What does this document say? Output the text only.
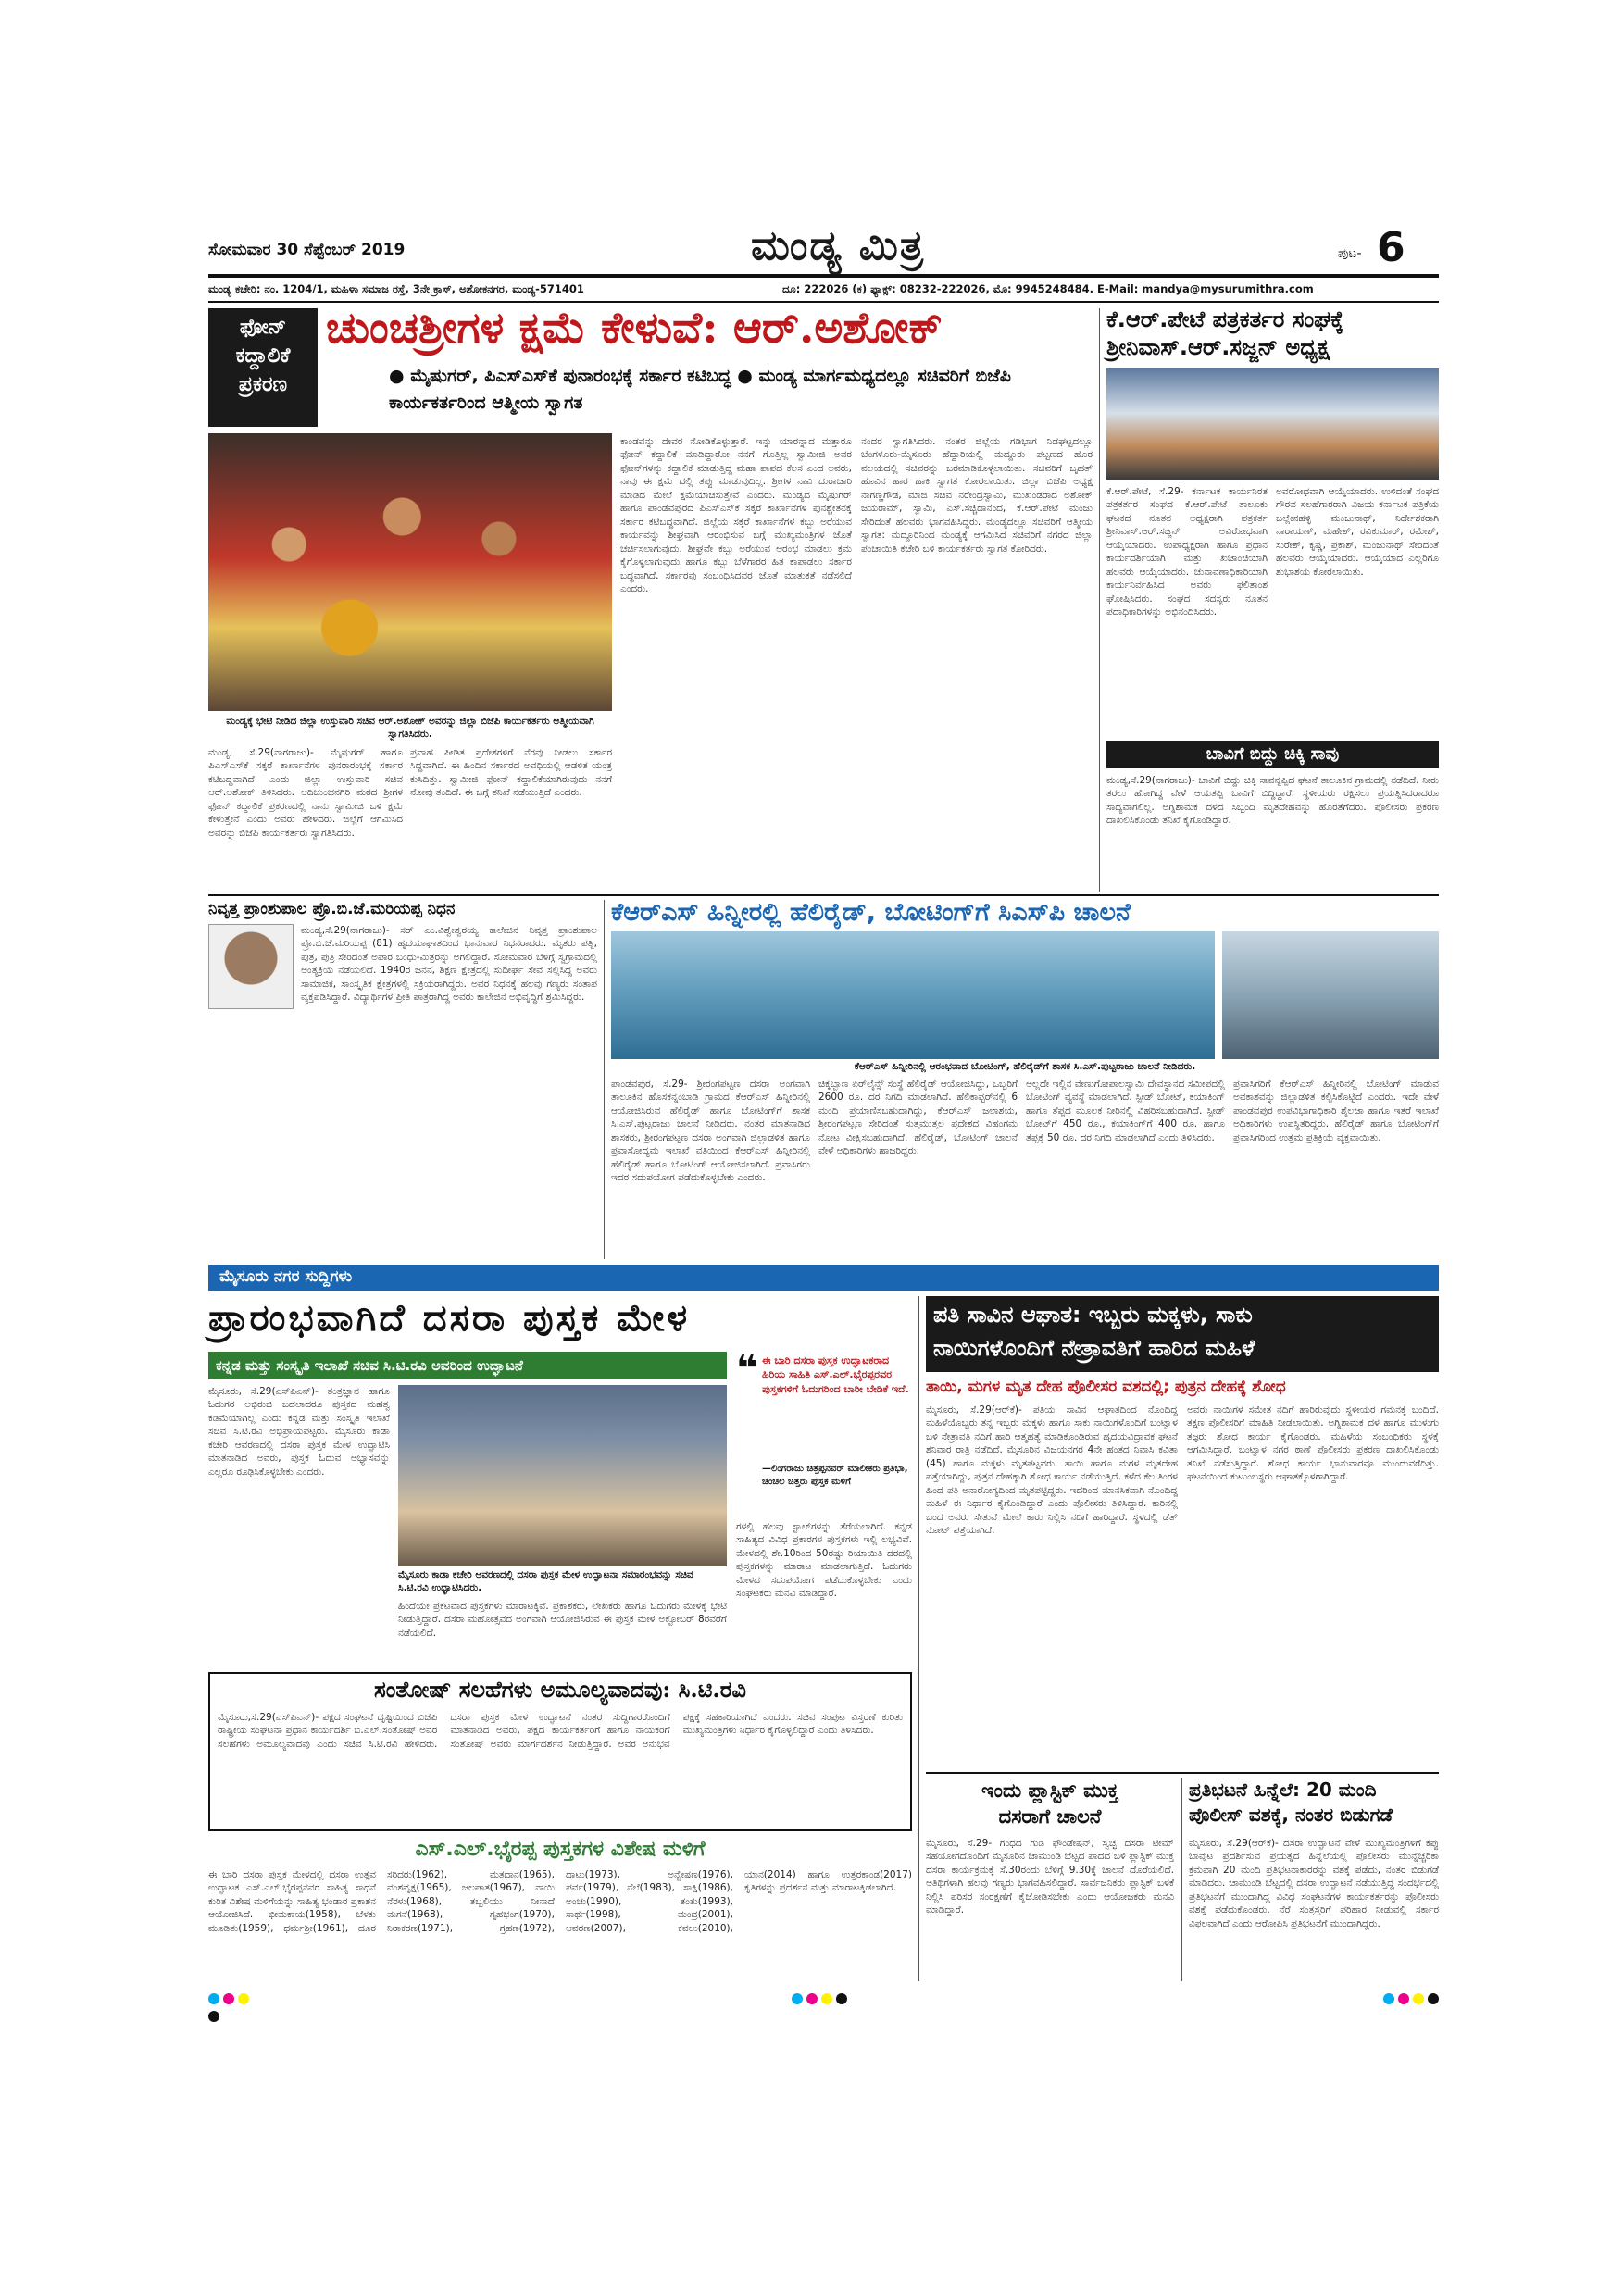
ಸೋಮವಾರ 30 ಸೆಪ್ಟೆಂಬರ್ 2019	ಮಂಡ್ಯ ಮಿತ್ರ	ಪುಟ- 6
ಮಂಡ್ಯ ಕಚೇರಿ: ನಂ. 1204/1, ಮಹಿಳಾ ಸಮಾಜ ರಸ್ತೆ, 3ನೇ ಕ್ರಾಸ್, ಅಶೋಕನಗರ, ಮಂಡ್ಯ-571401	ದೂ: 222026 (ಕ) ಫ್ಯಾಕ್ಸ್: 08232-222026, ಮೊ: 9945248484. E-Mail: mandya@mysurumithra.com
ಫೋನ್
ಕದ್ದಾಲಿಕೆ
ಪ್ರಕರಣ
ಚುಂಚಶ್ರೀಗಳ ಕ್ಷಮೆ ಕೇಳುವೆ: ಆರ್.ಅಶೋಕ್
● ಮೈಷುಗರ್, ಪಿಎಸ್‌ಎಸ್‌ಕೆ ಪುನಾರಂಭಕ್ಕೆ ಸರ್ಕಾರ ಕಟಿಬದ್ಧ ● ಮಂಡ್ಯ ಮಾರ್ಗಮಧ್ಯದಲ್ಲೂ ಸಚಿವರಿಗೆ ಬಿಜೆಪಿ ಕಾರ್ಯಕರ್ತರಿಂದ ಆತ್ಮೀಯ ಸ್ವಾಗತ
ಮಂಡ್ಯಕ್ಕೆ ಭೇಟಿ ನೀಡಿದ ಜಿಲ್ಲಾ ಉಸ್ತುವಾರಿ ಸಚಿವ ಆರ್.ಅಶೋಕ್ ಅವರನ್ನು ಜಿಲ್ಲಾ ಬಿಜೆಪಿ ಕಾರ್ಯಕರ್ತರು ಆತ್ಮೀಯವಾಗಿ ಸ್ವಾಗತಿಸಿದರು.
ಮಂಡ್ಯ, ಸೆ.29(ನಾಗರಾಜು)- ಮೈಷುಗರ್ ಹಾಗೂ ಪಿಎಸ್‌ಎಸ್‌ಕೆ ಸಕ್ಕರೆ ಕಾರ್ಖಾನೆಗಳ ಪುನರಾರಂಭಕ್ಕೆ ಸರ್ಕಾರ ಕಟಿಬದ್ಧವಾಗಿದೆ ಎಂದು ಜಿಲ್ಲಾ ಉಸ್ತುವಾರಿ ಸಚಿವ ಆರ್.ಅಶೋಕ್ ತಿಳಿಸಿದರು. ಆದಿಚುಂಚನಗಿರಿ ಮಠದ ಶ್ರೀಗಳ ಫೋನ್ ಕದ್ದಾಲಿಕೆ ಪ್ರಕರಣದಲ್ಲಿ ನಾನು ಸ್ವಾಮೀಜಿ ಬಳಿ ಕ್ಷಮೆ ಕೇಳುತ್ತೇನೆ ಎಂದು ಅವರು ಹೇಳಿದರು. ಜಿಲ್ಲೆಗೆ ಆಗಮಿಸಿದ ಅವರನ್ನು ಬಿಜೆಪಿ ಕಾರ್ಯಕರ್ತರು ಸ್ವಾಗತಿಸಿದರು.
ಪ್ರವಾಹ ಪೀಡಿತ ಪ್ರದೇಶಗಳಿಗೆ ನೆರವು ನೀಡಲು ಸರ್ಕಾರ ಸಿದ್ಧವಾಗಿದೆ. ಈ ಹಿಂದಿನ ಸರ್ಕಾರದ ಅವಧಿಯಲ್ಲಿ ಆಡಳಿತ ಯಂತ್ರ ಕುಸಿದಿತ್ತು. ಸ್ವಾಮೀಜಿ ಫೋನ್ ಕದ್ದಾಲಿಕೆಯಾಗಿರುವುದು ನನಗೆ ನೋವು ತಂದಿದೆ. ಈ ಬಗ್ಗೆ ತನಿಖೆ ನಡೆಯುತ್ತಿದೆ ಎಂದರು.
ಕಾಂಡವನ್ನು ದೇವರ ನೋಡಿಕೊಳ್ಳುತ್ತಾರೆ. ಇನ್ನು ಯಾರನ್ನಾದ ಮತ್ತಾರೂ ಫೋನ್ ಕದ್ದಾಲಿಕೆ ಮಾಡಿದ್ದಾರೋ ನನಗೆ ಗೊತ್ತಿಲ್ಲ ಸ್ವಾಮೀಜಿ ಅವರ ಫೋನ್‌ಗಳನ್ನು ಕದ್ದಾಲಿಕೆ ಮಾಡುತ್ತಿದ್ದ ಮಹಾ ಪಾಪದ ಕೆಲಸ ಎಂದ ಅವರು, ನಾವು ಈ ಕ್ಷಮೆ ದಲ್ಲಿ ತಪ್ಪು ಮಾಡುವುದಿಲ್ಲ. ಶ್ರೀಗಳ ನಾವಿ ದುರಾಚಾರಿ ಮಾಡಿದ ಮೇಲೆ ಕ್ಷಮೆಯಾಚಿಸುತ್ತೇವೆ ಎಂದರು. ಮಂಡ್ಯದ ಮೈಷುಗರ್ ಹಾಗೂ ಪಾಂಡವಪುರದ ಪಿಎಸ್‌ಎಸ್‌ಕೆ ಸಕ್ಕರೆ ಕಾರ್ಖಾನೆಗಳ ಪುನಶ್ಚೇತನಕ್ಕೆ ಸರ್ಕಾರ ಕಟಿಬದ್ಧವಾಗಿದೆ. ಜಿಲ್ಲೆಯ ಸಕ್ಕರೆ ಕಾರ್ಖಾನೆಗಳ ಕಬ್ಬು ಅರೆಯುವ ಕಾರ್ಯವನ್ನು ಶೀಘ್ರವಾಗಿ ಆರಂಭಿಸುವ ಬಗ್ಗೆ ಮುಖ್ಯಮಂತ್ರಿಗಳ ಜೊತೆ ಚರ್ಚಿಸಲಾಗುವುದು. ಶೀಘ್ರವೇ ಕಬ್ಬು ಅರೆಯುವ ಆರಂಭ ಮಾಡಲು ಕ್ರಮ ಕೈಗೊಳ್ಳಲಾಗುವುದು ಹಾಗೂ ಕಬ್ಬು ಬೆಳೆಗಾರರ ಹಿತ ಕಾಪಾಡಲು ಸರ್ಕಾರ ಬದ್ಧವಾಗಿದೆ. ಸರ್ಕಾರವು ಸಂಬಂಧಿಸಿದವರ ಜೊತೆ ಮಾತುಕತೆ ನಡೆಸಲಿದೆ ಎಂದರು.
ನಂದರ ಸ್ವಾಗತಿಸಿದರು. ನಂತರ ಜಿಲ್ಲೆಯ ಗಡಿಭಾಗ ನಿಡಘಟ್ಟದಲ್ಲೂ ಬೆಂಗಳೂರು-ಮೈಸೂರು ಹೆದ್ದಾರಿಯಲ್ಲಿ ಮದ್ದೂರು ಪಟ್ಟಣದ ಹೊರ ವಲಯದಲ್ಲಿ ಸಚಿವರನ್ನು ಬರಮಾಡಿಕೊಳ್ಳಲಾಯಿತು. ಸಚಿವರಿಗೆ ಬೃಹತ್ ಹೂವಿನ ಹಾರ ಹಾಕಿ ಸ್ವಾಗತ ಕೋರಲಾಯಿತು. ಜಿಲ್ಲಾ ಬಿಜೆಪಿ ಅಧ್ಯಕ್ಷ ನಾಗಣ್ಣಗೌಡ, ಮಾಜಿ ಸಚಿವ ನರೇಂದ್ರಸ್ವಾಮಿ, ಮುಖಂಡರಾದ ಅಶೋಕ್ ಜಯರಾಮ್, ಸ್ವಾಮಿ, ಎಸ್.ಸಚ್ಚಿದಾನಂದ, ಕೆ.ಆರ್.ಪೇಟೆ ಮಂಜು ಸೇರಿದಂತೆ ಹಲವರು ಭಾಗವಹಿಸಿದ್ದರು. ಮಂಡ್ಯದಲ್ಲೂ ಸಚಿವರಿಗೆ ಆತ್ಮೀಯ ಸ್ವಾಗತ: ಮದ್ದೂರಿನಿಂದ ಮಂಡ್ಯಕ್ಕೆ ಆಗಮಿಸಿದ ಸಚಿವರಿಗೆ ನಗರದ ಜಿಲ್ಲಾ ಪಂಚಾಯಿತಿ ಕಚೇರಿ ಬಳಿ ಕಾರ್ಯಕರ್ತರು ಸ್ವಾಗತ ಕೋರಿದರು.
ಕೆ.ಆರ್.ಪೇಟೆ ಪತ್ರಕರ್ತರ ಸಂಘಕ್ಕೆ
ಶ್ರೀನಿವಾಸ್.ಆರ್.ಸಜ್ಜನ್ ಅಧ್ಯಕ್ಷ
ಕೆ.ಆರ್.ಪೇಟೆ, ಸೆ.29- ಕರ್ನಾಟಕ ಕಾರ್ಯನಿರತ ಪತ್ರಕರ್ತರ ಸಂಘದ ಕೆ.ಆರ್.ಪೇಟೆ ತಾಲೂಕು ಘಟಕದ ನೂತನ ಅಧ್ಯಕ್ಷರಾಗಿ ಪತ್ರಕರ್ತ ಶ್ರೀನಿವಾಸ್.ಆರ್.ಸಜ್ಜನ್ ಅವಿರೋಧವಾಗಿ ಆಯ್ಕೆಯಾದರು. ಉಪಾಧ್ಯಕ್ಷರಾಗಿ ಹಾಗೂ ಪ್ರಧಾನ ಕಾರ್ಯದರ್ಶಿಯಾಗಿ ಮತ್ತು ಖಜಾಂಚಿಯಾಗಿ ಹಲವರು ಆಯ್ಕೆಯಾದರು. ಚುನಾವಣಾಧಿಕಾರಿಯಾಗಿ ಕಾರ್ಯನಿರ್ವಹಿಸಿದ ಅವರು ಫಲಿತಾಂಶ ಘೋಷಿಸಿದರು. ಸಂಘದ ಸದಸ್ಯರು ನೂತನ ಪದಾಧಿಕಾರಿಗಳನ್ನು ಅಭಿನಂದಿಸಿದರು.
ಅವರೋಧವಾಗಿ ಆಯ್ಕೆಯಾದರು. ಉಳಿದಂತೆ ಸಂಘದ ಗೌರವ ಸಲಹೆಗಾರರಾಗಿ ವಿಜಯ ಕರ್ನಾಟಕ ಪತ್ರಿಕೆಯ ಬಲ್ಲೇನಹಳ್ಳಿ ಮಂಜುನಾಥ್, ನಿರ್ದೇಶಕರಾಗಿ ನಾರಾಯಣ್, ಮಹೇಶ್, ರವಿಕುಮಾರ್, ರಮೇಶ್, ಸುರೇಶ್, ಕೃಷ್ಣ, ಪ್ರಕಾಶ್, ಮಂಜುನಾಥ್ ಸೇರಿದಂತೆ ಹಲವರು ಆಯ್ಕೆಯಾದರು. ಆಯ್ಕೆಯಾದ ಎಲ್ಲರಿಗೂ ಶುಭಾಶಯ ಕೋರಲಾಯಿತು.
ಬಾವಿಗೆ ಬಿದ್ದು ಚಿಕ್ಕಿ ಸಾವು
ಮಂಡ್ಯ,ಸೆ.29(ನಾಗರಾಜು)- ಬಾವಿಗೆ ಬಿದ್ದು ಚಿಕ್ಕಿ ಸಾವನ್ನಪ್ಪಿದ ಘಟನೆ ತಾಲೂಕಿನ ಗ್ರಾಮದಲ್ಲಿ ನಡೆದಿದೆ. ನೀರು ತರಲು ಹೋಗಿದ್ದ ವೇಳೆ ಆಯತಪ್ಪಿ ಬಾವಿಗೆ ಬಿದ್ದಿದ್ದಾರೆ. ಸ್ಥಳೀಯರು ರಕ್ಷಿಸಲು ಪ್ರಯತ್ನಿಸಿದರಾದರೂ ಸಾಧ್ಯವಾಗಲಿಲ್ಲ. ಅಗ್ನಿಶಾಮಕ ದಳದ ಸಿಬ್ಬಂದಿ ಮೃತದೇಹವನ್ನು ಹೊರತೆಗೆದರು. ಪೊಲೀಸರು ಪ್ರಕರಣ ದಾಖಲಿಸಿಕೊಂಡು ತನಿಖೆ ಕೈಗೊಂಡಿದ್ದಾರೆ.
ನಿವೃತ್ತ ಪ್ರಾಂಶುಪಾಲ ಪ್ರೊ.ಬಿ.ಜೆ.ಮರಿಯಪ್ಪ ನಿಧನ
ಮಂಡ್ಯ,ಸೆ.29(ನಾಗರಾಜು)- ಸರ್ ಎಂ.ವಿಶ್ವೇಶ್ವರಯ್ಯ ಕಾಲೇಜಿನ ನಿವೃತ್ತ ಪ್ರಾಂಶುಪಾಲ ಪ್ರೊ.ಬಿ.ಜೆ.ಮರಿಯಪ್ಪ (81) ಹೃದಯಾಘಾತದಿಂದ ಭಾನುವಾರ ನಿಧನರಾದರು. ಮೃತರು ಪತ್ನಿ, ಪುತ್ರ, ಪುತ್ರಿ ಸೇರಿದಂತೆ ಅಪಾರ ಬಂಧು-ಮಿತ್ರರನ್ನು ಅಗಲಿದ್ದಾರೆ. ಸೋಮವಾರ ಬೆಳಿಗ್ಗೆ ಸ್ವಗ್ರಾಮದಲ್ಲಿ ಅಂತ್ಯಕ್ರಿಯೆ ನಡೆಯಲಿದೆ. 1940ರ ಜನನ, ಶಿಕ್ಷಣ ಕ್ಷೇತ್ರದಲ್ಲಿ ಸುದೀರ್ಘ ಸೇವೆ ಸಲ್ಲಿಸಿದ್ದ ಅವರು ಸಾಮಾಜಿಕ, ಸಾಂಸ್ಕೃತಿಕ ಕ್ಷೇತ್ರಗಳಲ್ಲಿ ಸಕ್ರಿಯರಾಗಿದ್ದರು. ಅವರ ನಿಧನಕ್ಕೆ ಹಲವು ಗಣ್ಯರು ಸಂತಾಪ ವ್ಯಕ್ತಪಡಿಸಿದ್ದಾರೆ. ವಿದ್ಯಾರ್ಥಿಗಳ ಪ್ರೀತಿ ಪಾತ್ರರಾಗಿದ್ದ ಅವರು ಕಾಲೇಜಿನ ಅಭಿವೃದ್ಧಿಗೆ ಶ್ರಮಿಸಿದ್ದರು.
ಕೆಆರ್‌ಎಸ್ ಹಿನ್ನೀರಲ್ಲಿ ಹೆಲಿರೈಡ್, ಬೋಟಿಂಗ್‌ಗೆ ಸಿಎಸ್‌ಪಿ ಚಾಲನೆ
ಕೆಆರ್‌ಎಸ್ ಹಿನ್ನೀರಿನಲ್ಲಿ ಆರಂಭವಾದ ಬೋಟಿಂಗ್, ಹೆಲಿರೈಡ್‌ಗೆ ಶಾಸಕ ಸಿ.ಎಸ್.ಪುಟ್ಟರಾಜು ಚಾಲನೆ ನೀಡಿದರು.
ಪಾಂಡವಪುರ, ಸೆ.29- ಶ್ರೀರಂಗಪಟ್ಟಣ ದಸರಾ ಅಂಗವಾಗಿ ತಾಲೂಕಿನ ಹೊಸಕನ್ನಂಬಾಡಿ ಗ್ರಾಮದ ಕೆಆರ್‌ಎಸ್ ಹಿನ್ನೀರಿನಲ್ಲಿ ಆಯೋಜಿಸಿರುವ ಹೆಲಿರೈಡ್ ಹಾಗೂ ಬೋಟಿಂಗ್‌ಗೆ ಶಾಸಕ ಸಿ.ಎಸ್.ಪುಟ್ಟರಾಜು ಚಾಲನೆ ನೀಡಿದರು. ನಂತರ ಮಾತನಾಡಿದ ಶಾಸಕರು, ಶ್ರೀರಂಗಪಟ್ಟಣ ದಸರಾ ಅಂಗವಾಗಿ ಜಿಲ್ಲಾಡಳಿತ ಹಾಗೂ ಪ್ರವಾಸೋದ್ಯಮ ಇಲಾಖೆ ವತಿಯಿಂದ ಕೆಆರ್‌ಎಸ್ ಹಿನ್ನೀರಿನಲ್ಲಿ ಹೆಲಿರೈಡ್ ಹಾಗೂ ಬೋಟಿಂಗ್ ಆಯೋಜಿಸಲಾಗಿದೆ. ಪ್ರವಾಸಿಗರು ಇದರ ಸದುಪಯೋಗ ಪಡೆದುಕೊಳ್ಳಬೇಕು ಎಂದರು.
ಚಿಕ್ಕಬ್ಬಾಣ ಏರ್‌ಲೈನ್ಸ್ ಸಂಸ್ಥೆ ಹೆಲಿರೈಡ್ ಆಯೋಜಿಸಿದ್ದು, ಒಬ್ಬರಿಗೆ 2600 ರೂ. ದರ ನಿಗದಿ ಮಾಡಲಾಗಿದೆ. ಹೆಲಿಕಾಪ್ಟರ್‌ನಲ್ಲಿ 6 ಮಂದಿ ಪ್ರಯಾಣಿಸಬಹುದಾಗಿದ್ದು, ಕೆಆರ್‌ಎಸ್ ಜಲಾಶಯ, ಶ್ರೀರಂಗಪಟ್ಟಣ ಸೇರಿದಂತೆ ಸುತ್ತಮುತ್ತಲ ಪ್ರದೇಶದ ವಿಹಂಗಮ ನೋಟ ವೀಕ್ಷಿಸಬಹುದಾಗಿದೆ. ಹೆಲಿರೈಡ್, ಬೋಟಿಂಗ್ ಚಾಲನೆ ವೇಳೆ ಅಧಿಕಾರಿಗಳು ಹಾಜರಿದ್ದರು.
ಅಲ್ಲದೇ ಇಲ್ಲಿನ ವೇಣುಗೋಪಾಲಸ್ವಾಮಿ ದೇವಸ್ಥಾನದ ಸಮೀಪದಲ್ಲಿ ಬೋಟಿಂಗ್ ವ್ಯವಸ್ಥೆ ಮಾಡಲಾಗಿದೆ. ಸ್ಪೀಡ್ ಬೋಟ್, ಕಯಾಕಿಂಗ್ ಹಾಗೂ ತೆಪ್ಪದ ಮೂಲಕ ನೀರಿನಲ್ಲಿ ವಿಹರಿಸಬಹುದಾಗಿದೆ. ಸ್ಪೀಡ್ ಬೋಟ್‌ಗೆ 450 ರೂ., ಕಯಾಕಿಂಗ್‌ಗೆ 400 ರೂ. ಹಾಗೂ ತೆಪ್ಪಕ್ಕೆ 50 ರೂ. ದರ ನಿಗದಿ ಮಾಡಲಾಗಿದೆ ಎಂದು ತಿಳಿಸಿದರು.
ಪ್ರವಾಸಿಗರಿಗೆ ಕೆಆರ್‌ಎಸ್ ಹಿನ್ನೀರಿನಲ್ಲಿ ಬೋಟಿಂಗ್ ಮಾಡುವ ಅವಕಾಶವನ್ನು ಜಿಲ್ಲಾಡಳಿತ ಕಲ್ಪಿಸಿಕೊಟ್ಟಿದೆ ಎಂದರು. ಇದೇ ವೇಳೆ ಪಾಂಡವಪುರ ಉಪವಿಭಾಗಾಧಿಕಾರಿ ಶೈಲಜಾ ಹಾಗೂ ಇತರೆ ಇಲಾಖೆ ಅಧಿಕಾರಿಗಳು ಉಪಸ್ಥಿತರಿದ್ದರು. ಹೆಲಿರೈಡ್ ಹಾಗೂ ಬೋಟಿಂಗ್‌ಗೆ ಪ್ರವಾಸಿಗರಿಂದ ಉತ್ತಮ ಪ್ರತಿಕ್ರಿಯೆ ವ್ಯಕ್ತವಾಯಿತು.
ಮೈಸೂರು ನಗರ ಸುದ್ದಿಗಳು
ಪ್ರಾರಂಭವಾಗಿದೆ ದಸರಾ ಪುಸ್ತಕ ಮೇಳ
ಕನ್ನಡ ಮತ್ತು ಸಂಸ್ಕೃತಿ ಇಲಾಖೆ ಸಚಿವ ಸಿ.ಟಿ.ರವಿ ಅವರಿಂದ ಉದ್ಘಾಟನೆ
ಮೈಸೂರು, ಸೆ.29(ಎಸ್‌ಪಿಎನ್)- ತಂತ್ರಜ್ಞಾನ ಹಾಗೂ ಓದುಗರ ಅಭಿರುಚಿ ಬದಲಾದರೂ ಪುಸ್ತಕದ ಮಹತ್ವ ಕಡಿಮೆಯಾಗಿಲ್ಲ ಎಂದು ಕನ್ನಡ ಮತ್ತು ಸಂಸ್ಕೃತಿ ಇಲಾಖೆ ಸಚಿವ ಸಿ.ಟಿ.ರವಿ ಅಭಿಪ್ರಾಯಪಟ್ಟರು. ಮೈಸೂರು ಕಾಡಾ ಕಚೇರಿ ಆವರಣದಲ್ಲಿ ದಸರಾ ಪುಸ್ತಕ ಮೇಳ ಉದ್ಘಾಟಿಸಿ ಮಾತನಾಡಿದ ಅವರು, ಪುಸ್ತಕ ಓದುವ ಅಭ್ಯಾಸವನ್ನು ಎಲ್ಲರೂ ರೂಢಿಸಿಕೊಳ್ಳಬೇಕು ಎಂದರು.
ಮೈಸೂರು ಕಾಡಾ ಕಚೇರಿ ಆವರಣದಲ್ಲಿ ದಸರಾ ಪುಸ್ತಕ ಮೇಳ ಉದ್ಘಾಟನಾ ಸಮಾರಂಭವನ್ನು ಸಚಿವ ಸಿ.ಟಿ.ರವಿ ಉದ್ಘಾಟಿಸಿದರು.
ಹಿಂದೆಯೇ ಪ್ರಕಟವಾದ ಪುಸ್ತಕಗಳು ಮಾರಾಟಕ್ಕಿವೆ. ಪ್ರಕಾಶಕರು, ಲೇಖಕರು ಹಾಗೂ ಓದುಗರು ಮೇಳಕ್ಕೆ ಭೇಟಿ ನೀಡುತ್ತಿದ್ದಾರೆ. ದಸರಾ ಮಹೋತ್ಸವದ ಅಂಗವಾಗಿ ಆಯೋಜಿಸಿರುವ ಈ ಪುಸ್ತಕ ಮೇಳ ಅಕ್ಟೋಬರ್ 8ರವರೆಗೆ ನಡೆಯಲಿದೆ.
❝ ಈ ಬಾರಿ ದಸರಾ ಪುಸ್ತಕ ಉದ್ಘಾಟಕರಾದ ಹಿರಿಯ ಸಾಹಿತಿ ಎಸ್.ಎಲ್.ಭೈರಪ್ಪರವರ ಪುಸ್ತಕಗಳಿಗೆ ಓದುಗರಿಂದ ಬಾರೀ ಬೇಡಿಕೆ ಇದೆ.
—ಲಿಂಗರಾಜು ಚಿತ್ತಪ್ಪನವರ್ ಮಾಲೀಕರು ಪ್ರತಿಭಾ, ಚಂಚಲ ಚಿತ್ತರು ಪುಸ್ತಕ ಮಳಿಗೆ
ಗಳಲ್ಲಿ ಹಲವು ಸ್ಟಾಲ್‌ಗಳನ್ನು ತೆರೆಯಲಾಗಿದೆ. ಕನ್ನಡ ಸಾಹಿತ್ಯದ ವಿವಿಧ ಪ್ರಕಾರಗಳ ಪುಸ್ತಕಗಳು ಇಲ್ಲಿ ಲಭ್ಯವಿವೆ. ಮೇಳದಲ್ಲಿ ಶೇ.10ರಿಂದ 50ರಷ್ಟು ರಿಯಾಯಿತಿ ದರದಲ್ಲಿ ಪುಸ್ತಕಗಳನ್ನು ಮಾರಾಟ ಮಾಡಲಾಗುತ್ತಿದೆ. ಓದುಗರು ಮೇಳದ ಸದುಪಯೋಗ ಪಡೆದುಕೊಳ್ಳಬೇಕು ಎಂದು ಸಂಘಟಕರು ಮನವಿ ಮಾಡಿದ್ದಾರೆ.
ಸಂತೋಷ್ ಸಲಹೆಗಳು ಅಮೂಲ್ಯವಾದವು: ಸಿ.ಟಿ.ರವಿ
ಮೈಸೂರು,ಸೆ.29(ಎಸ್‌ಪಿಎನ್)- ಪಕ್ಷದ ಸಂಘಟನೆ ದೃಷ್ಟಿಯಿಂದ ಬಿಜೆಪಿ ರಾಷ್ಟ್ರೀಯ ಸಂಘಟನಾ ಪ್ರಧಾನ ಕಾರ್ಯದರ್ಶಿ ಬಿ.ಎಲ್.ಸಂತೋಷ್ ಅವರ ಸಲಹೆಗಳು ಅಮೂಲ್ಯವಾದವು ಎಂದು ಸಚಿವ ಸಿ.ಟಿ.ರವಿ ಹೇಳಿದರು. ದಸರಾ ಪುಸ್ತಕ ಮೇಳ ಉದ್ಘಾಟನೆ ನಂತರ ಸುದ್ದಿಗಾರರೊಂದಿಗೆ ಮಾತನಾಡಿದ ಅವರು, ಪಕ್ಷದ ಕಾರ್ಯಕರ್ತರಿಗೆ ಹಾಗೂ ನಾಯಕರಿಗೆ ಸಂತೋಷ್ ಅವರು ಮಾರ್ಗದರ್ಶನ ನೀಡುತ್ತಿದ್ದಾರೆ. ಅವರ ಅನುಭವ ಪಕ್ಷಕ್ಕೆ ಸಹಕಾರಿಯಾಗಿದೆ ಎಂದರು. ಸಚಿವ ಸಂಪುಟ ವಿಸ್ತರಣೆ ಕುರಿತು ಮುಖ್ಯಮಂತ್ರಿಗಳು ನಿರ್ಧಾರ ಕೈಗೊಳ್ಳಲಿದ್ದಾರೆ ಎಂದು ತಿಳಿಸಿದರು.
ಎಸ್.ಎಲ್.ಭೈರಪ್ಪ ಪುಸ್ತಕಗಳ ವಿಶೇಷ ಮಳಿಗೆ
ಈ ಬಾರಿ ದಸರಾ ಪುಸ್ತಕ ಮೇಳದಲ್ಲಿ ದಸರಾ ಉತ್ಸವ ಉದ್ಘಾಟಕ ಎಸ್.ಎಲ್.ಭೈರಪ್ಪನವರ ಸಾಹಿತ್ಯ ಸಾಧನೆ ಕುರಿತ ವಿಶೇಷ ಮಳಿಗೆಯನ್ನು ಸಾಹಿತ್ಯ ಭಂಡಾರ ಪ್ರಕಾಶನ ಆಯೋಜಿಸಿದೆ. ಭೀಮಕಾಯ(1958), ಬೆಳಕು ಮೂಡಿತು(1959), ಧರ್ಮಶ್ರೀ(1961), ದೂರ ಸರಿದರು(1962), ಮತದಾನ(1965), ವಂಶವೃಕ್ಷ(1965), ಜಲಪಾತ(1967), ನಾಯಿ ನೆರಳು(1968), ತಬ್ಬಲಿಯು ನೀನಾದೆ ಮಗನೆ(1968), ಗೃಹಭಂಗ(1970), ನಿರಾಕರಣ(1971), ಗ್ರಹಣ(1972), ದಾಟು(1973), ಅನ್ವೇಷಣ(1976), ಪರ್ವ(1979), ನೆಲೆ(1983), ಸಾಕ್ಷಿ(1986), ಅಂಚು(1990), ತಂತು(1993), ಸಾರ್ಥ(1998), ಮಂದ್ರ(2001), ಆವರಣ(2007), ಕವಲು(2010), ಯಾನ(2014) ಹಾಗೂ ಉತ್ತರಕಾಂಡ(2017) ಕೃತಿಗಳನ್ನು ಪ್ರದರ್ಶನ ಮತ್ತು ಮಾರಾಟಕ್ಕಿಡಲಾಗಿದೆ.
ಪತಿ ಸಾವಿನ ಆಘಾತ: ಇಬ್ಬರು ಮಕ್ಕಳು, ಸಾಕು
ನಾಯಿಗಳೊಂದಿಗೆ ನೇತ್ರಾವತಿಗೆ ಹಾರಿದ ಮಹಿಳೆ
ತಾಯಿ, ಮಗಳ ಮೃತ ದೇಹ ಪೊಲೀಸರ ವಶದಲ್ಲಿ; ಪುತ್ರನ ದೇಹಕ್ಕೆ ಶೋಧ
ಮೈಸೂರು, ಸೆ.29(ಆರ್‌ಕೆ)- ಪತಿಯ ಸಾವಿನ ಆಘಾತದಿಂದ ನೊಂದಿದ್ದ ಮಹಿಳೆಯೊಬ್ಬರು ತನ್ನ ಇಬ್ಬರು ಮಕ್ಕಳು ಹಾಗೂ ಸಾಕು ನಾಯಿಗಳೊಂದಿಗೆ ಬಂಟ್ವಾಳ ಬಳಿ ನೇತ್ರಾವತಿ ನದಿಗೆ ಹಾರಿ ಆತ್ಮಹತ್ಯೆ ಮಾಡಿಕೊಂಡಿರುವ ಹೃದಯವಿದ್ರಾವಕ ಘಟನೆ ಶನಿವಾರ ರಾತ್ರಿ ನಡೆದಿದೆ. ಮೈಸೂರಿನ ವಿಜಯನಗರ 4ನೇ ಹಂತದ ನಿವಾಸಿ ಕವಿತಾ (45) ಹಾಗೂ ಮಕ್ಕಳು ಮೃತಪಟ್ಟವರು. ತಾಯಿ ಹಾಗೂ ಮಗಳ ಮೃತದೇಹ ಪತ್ತೆಯಾಗಿದ್ದು, ಪುತ್ರನ ದೇಹಕ್ಕಾಗಿ ಶೋಧ ಕಾರ್ಯ ನಡೆಯುತ್ತಿದೆ. ಕಳೆದ ಕೆಲ ತಿಂಗಳ ಹಿಂದೆ ಪತಿ ಅನಾರೋಗ್ಯದಿಂದ ಮೃತಪಟ್ಟಿದ್ದರು. ಇದರಿಂದ ಮಾನಸಿಕವಾಗಿ ನೊಂದಿದ್ದ ಮಹಿಳೆ ಈ ನಿರ್ಧಾರ ಕೈಗೊಂಡಿದ್ದಾರೆ ಎಂದು ಪೊಲೀಸರು ತಿಳಿಸಿದ್ದಾರೆ. ಕಾರಿನಲ್ಲಿ ಬಂದ ಅವರು ಸೇತುವೆ ಮೇಲೆ ಕಾರು ನಿಲ್ಲಿಸಿ ನದಿಗೆ ಹಾರಿದ್ದಾರೆ. ಸ್ಥಳದಲ್ಲಿ ಡೆತ್ ನೋಟ್ ಪತ್ತೆಯಾಗಿದೆ.
ಅವರು ನಾಯಿಗಳ ಸಮೇತ ನದಿಗೆ ಹಾರಿರುವುದು ಸ್ಥಳೀಯರ ಗಮನಕ್ಕೆ ಬಂದಿದೆ. ತಕ್ಷಣ ಪೊಲೀಸರಿಗೆ ಮಾಹಿತಿ ನೀಡಲಾಯಿತು. ಅಗ್ನಿಶಾಮಕ ದಳ ಹಾಗೂ ಮುಳುಗು ತಜ್ಞರು ಶೋಧ ಕಾರ್ಯ ಕೈಗೊಂಡರು. ಮಹಿಳೆಯ ಸಂಬಂಧಿಕರು ಸ್ಥಳಕ್ಕೆ ಆಗಮಿಸಿದ್ದಾರೆ. ಬಂಟ್ವಾಳ ನಗರ ಠಾಣೆ ಪೊಲೀಸರು ಪ್ರಕರಣ ದಾಖಲಿಸಿಕೊಂಡು ತನಿಖೆ ನಡೆಸುತ್ತಿದ್ದಾರೆ. ಶೋಧ ಕಾರ್ಯ ಭಾನುವಾರವೂ ಮುಂದುವರೆದಿತ್ತು. ಘಟನೆಯಿಂದ ಕುಟುಂಬಸ್ಥರು ಆಘಾತಕ್ಕೊಳಗಾಗಿದ್ದಾರೆ.
ಇಂದು ಪ್ಲಾಸ್ಟಿಕ್ ಮುಕ್ತ
ದಸರಾಗೆ ಚಾಲನೆ
ಮೈಸೂರು, ಸೆ.29- ಗಂಧದ ಗುಡಿ ಫೌಂಡೇಷನ್, ಸ್ವಚ್ಛ ದಸರಾ ಟೀಮ್ ಸಹಯೋಗದೊಂದಿಗೆ ಮೈಸೂರಿನ ಚಾಮುಂಡಿ ಬೆಟ್ಟದ ಪಾದದ ಬಳಿ ಪ್ಲಾಸ್ಟಿಕ್ ಮುಕ್ತ ದಸರಾ ಕಾರ್ಯಕ್ರಮಕ್ಕೆ ಸೆ.30ರಂದು ಬೆಳಿಗ್ಗೆ 9.30ಕ್ಕೆ ಚಾಲನೆ ದೊರೆಯಲಿದೆ. ಅತಿಥಿಗಳಾಗಿ ಹಲವು ಗಣ್ಯರು ಭಾಗವಹಿಸಲಿದ್ದಾರೆ. ಸಾರ್ವಜನಿಕರು ಪ್ಲಾಸ್ಟಿಕ್ ಬಳಕೆ ನಿಲ್ಲಿಸಿ ಪರಿಸರ ಸಂರಕ್ಷಣೆಗೆ ಕೈಜೋಡಿಸಬೇಕು ಎಂದು ಆಯೋಜಕರು ಮನವಿ ಮಾಡಿದ್ದಾರೆ.
ಪ್ರತಿಭಟನೆ ಹಿನ್ನೆಲೆ: 20 ಮಂದಿ
ಪೊಲೀಸ್ ವಶಕ್ಕೆ, ನಂತರ ಬಿಡುಗಡೆ
ಮೈಸೂರು, ಸೆ.29(ಆರ್‌ಕೆ)- ದಸರಾ ಉದ್ಘಾಟನೆ ವೇಳೆ ಮುಖ್ಯಮಂತ್ರಿಗಳಿಗೆ ಕಪ್ಪು ಬಾವುಟ ಪ್ರದರ್ಶಿಸುವ ಪ್ರಯತ್ನದ ಹಿನ್ನೆಲೆಯಲ್ಲಿ ಪೊಲೀಸರು ಮುನ್ನೆಚ್ಚರಿಕಾ ಕ್ರಮವಾಗಿ 20 ಮಂದಿ ಪ್ರತಿಭಟನಾಕಾರರನ್ನು ವಶಕ್ಕೆ ಪಡೆದು, ನಂತರ ಬಿಡುಗಡೆ ಮಾಡಿದರು. ಚಾಮುಂಡಿ ಬೆಟ್ಟದಲ್ಲಿ ದಸರಾ ಉದ್ಘಾಟನೆ ನಡೆಯುತ್ತಿದ್ದ ಸಂದರ್ಭದಲ್ಲಿ ಪ್ರತಿಭಟನೆಗೆ ಮುಂದಾಗಿದ್ದ ವಿವಿಧ ಸಂಘಟನೆಗಳ ಕಾರ್ಯಕರ್ತರನ್ನು ಪೊಲೀಸರು ವಶಕ್ಕೆ ಪಡೆದುಕೊಂಡರು. ನೆರೆ ಸಂತ್ರಸ್ತರಿಗೆ ಪರಿಹಾರ ನೀಡುವಲ್ಲಿ ಸರ್ಕಾರ ವಿಫಲವಾಗಿದೆ ಎಂದು ಆರೋಪಿಸಿ ಪ್ರತಿಭಟನೆಗೆ ಮುಂದಾಗಿದ್ದರು.
